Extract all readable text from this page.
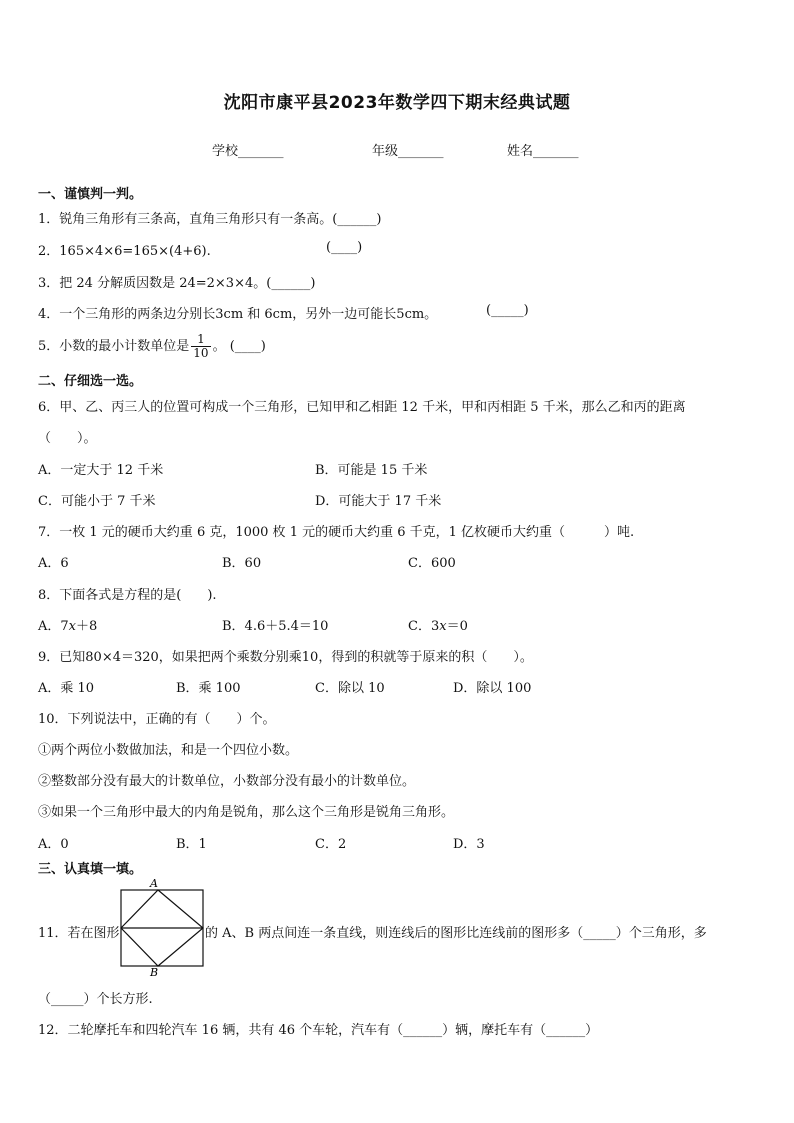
沈阳市康平县2023年数学四下期末经典试题
学校_______	年级_______	姓名_______
一、谨慎判一判。
1．锐角三角形有三条高，直角三角形只有一条高。(______)
2．165×4×6=165×(4+6).	(____)
3．把 24 分解质因数是 24=2×3×4。(______)
4．一个三角形的两条边分别长3cm 和 6cm，另外一边可能长5cm。	(_____)
5．小数的最小计数单位是 $\frac{1}{10}$ 。 (____)
二、仔细选一选。
6．甲、乙、丙三人的位置可构成一个三角形，已知甲和乙相距 12 千米，甲和丙相距 5 千米，那么乙和丙的距离
（　　）。
A．一定大于 12 千米	B．可能是 15 千米
C．可能小于 7 千米	D．可能大于 17 千米
7．一枚 1 元的硬币大约重 6 克，1000 枚 1 元的硬币大约重 6 千克，1 亿枚硬币大约重（　　　）吨.
A．6	B．60	C．600
8．下面各式是方程的是(　　).
A．7x＋8	B．4.6＋5.4＝10	C．3x＝0
9．已知80×4＝320，如果把两个乘数分别乘10，得到的积就等于原来的积（　　）。
A．乘 10	B．乘 100	C．除以 10	D．除以 100
10．下列说法中，正确的有（　　）个。
①两个两位小数做加法，和是一个四位小数。
②整数部分没有最大的计数单位，小数部分没有最小的计数单位。
③如果一个三角形中最大的内角是锐角，那么这个三角形是锐角三角形。
A．0	B．1	C．2	D．3
三、认真填一填。
11．若在图形
A
B
的 A、B 两点间连一条直线，则连线后的图形比连线前的图形多（_____）个三角形，多
（_____）个长方形.
12．二轮摩托车和四轮汽车 16 辆，共有 46 个车轮，汽车有（______）辆，摩托车有（______）
